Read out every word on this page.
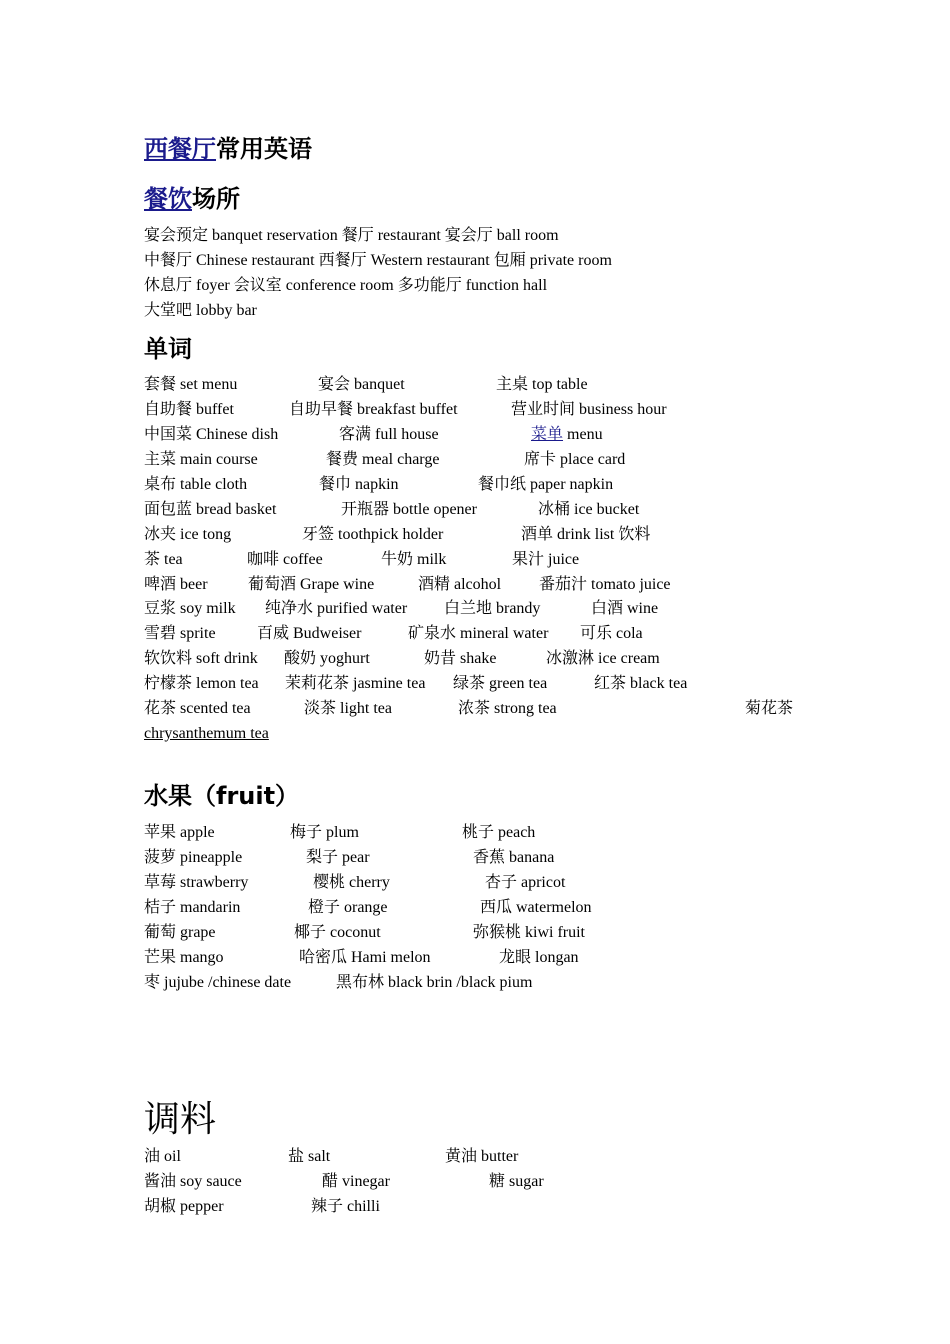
西餐厅常用英语
餐饮场所
宴会预定 banquet reservation 餐厅 restaurant 宴会厅 ball room
中餐厅 Chinese restaurant 西餐厅 Western restaurant 包厢 private room
休息厅 foyer 会议室 conference room 多功能厅 function hall
大堂吧 lobby bar
单词
套餐 set menu	宴会 banquet	主桌 top table
自助餐 buffet	自助早餐 breakfast buffet	营业时间 business hour
中国菜 Chinese dish	客满 full house	菜单 menu
主菜 main course	餐费 meal charge	席卡 place card
桌布 table cloth	餐巾 napkin	餐巾纸 paper napkin
面包蓝 bread basket	开瓶器 bottle opener	冰桶 ice bucket
冰夹 ice tong	牙签 toothpick holder	酒单 drink list 饮料
茶 tea	咖啡 coffee	牛奶 milk	果汁 juice
啤酒 beer	葡萄酒 Grape wine	酒精 alcohol 番茄汁 tomato juice
豆浆 soy milk 纯净水 purified water 白兰地 brandy	白酒 wine
雪碧 sprite	百威 Budweiser	矿泉水 mineral water 可乐 cola
软饮料 soft drink 酸奶 yoghurt	奶昔 shake	冰激淋 ice cream
柠檬茶 lemon tea 茉莉花茶 jasmine tea 绿茶 green tea	红茶 black tea
花茶 scented tea	淡茶 light tea	浓茶 strong tea	菊花茶
chrysanthemum tea
水果（fruit）
苹果 apple	梅子 plum	桃子 peach
菠萝 pineapple	梨子 pear	香蕉 banana
草莓 strawberry	樱桃 cherry	杏子 apricot
桔子 mandarin	橙子 orange	西瓜 watermelon
葡萄 grape	椰子 coconut	弥猴桃 kiwi fruit
芒果 mango	哈密瓜 Hami melon	龙眼 longan
枣 jujube /chinese date	黑布林 black brin /black pium
调料
油 oil	盐 salt	黄油 butter
酱油 soy sauce	醋 vinegar	糖 sugar
胡椒 pepper	辣子 chilli
